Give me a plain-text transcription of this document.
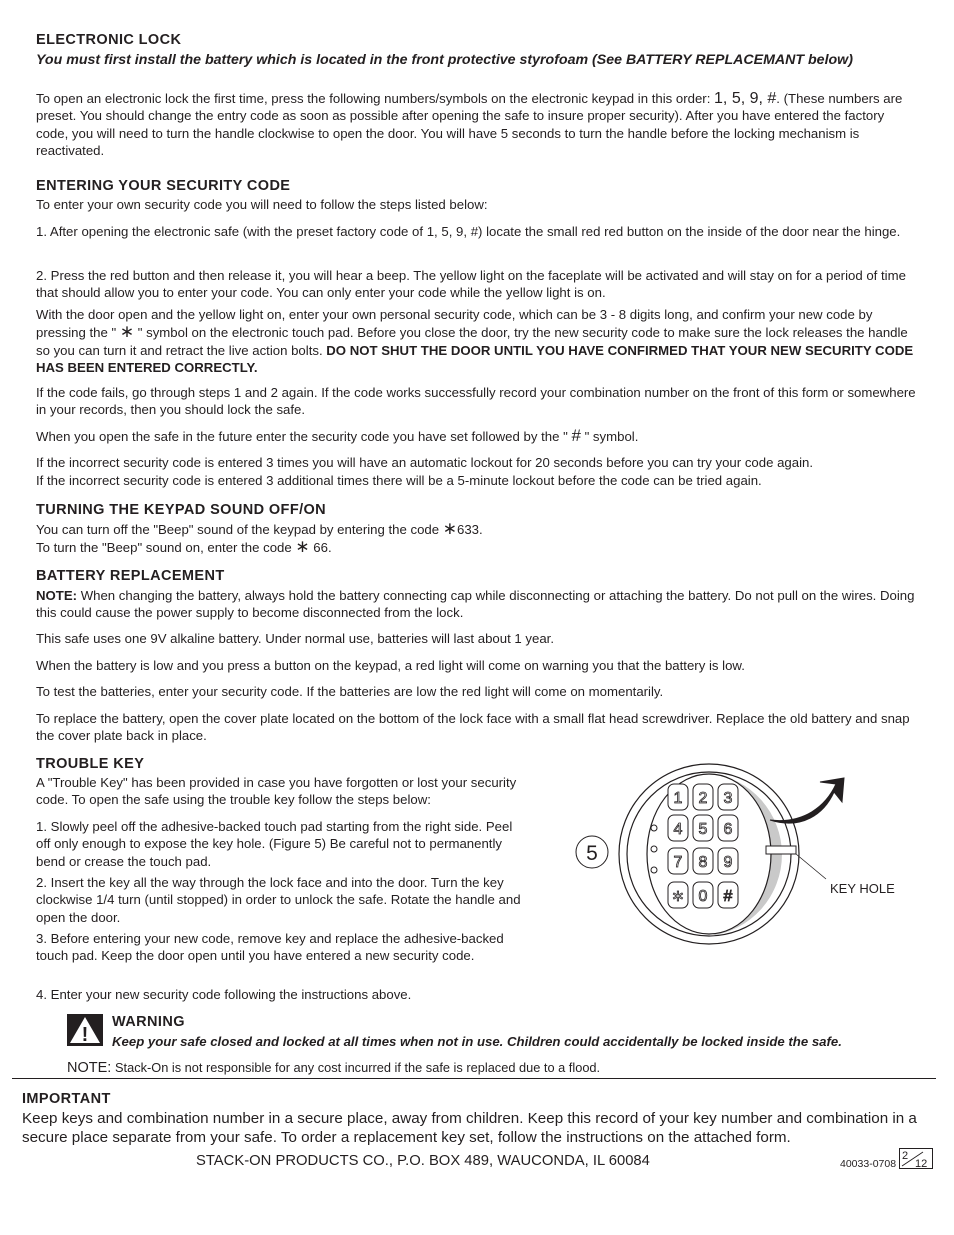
ELECTRONIC LOCK

You must first install the battery which is located in the front protective styrofoam (See BATTERY REPLACEMANT below)

To open an electronic lock the first time, press the following numbers/symbols on the electronic keypad in this order: 1, 5, 9, #. (These numbers are preset. You should change the entry code as soon as possible after opening the safe to insure proper security). After you have entered the factory code, you will need to turn the handle clockwise to open the door. You will have 5 seconds to turn the handle before the locking mechanism is reactivated.

ENTERING YOUR SECURITY CODE

To enter your own security code you will need to follow the steps listed below:

1. After opening the electronic safe (with the preset factory code of 1, 5, 9, #) locate the small red red button on the inside of the door near the hinge.

2. Press the red button and then release it, you will hear a beep. The yellow light on the faceplate will be activated and will stay on for a period of time that should allow you to enter your code. You can only enter your code while the yellow light is on.

With the door open and the yellow light on, enter your own personal security code, which can be 3 - 8 digits long, and confirm your new code by pressing the " ∗ " symbol on the electronic touch pad. Before you close the door, try the new security code to make sure the lock releases the handle so you can turn it and retract the live action bolts. DO NOT SHUT THE DOOR UNTIL YOU HAVE CONFIRMED THAT YOUR NEW SECURITY CODE HAS BEEN ENTERED CORRECTLY.

If the code fails, go through steps 1 and 2 again. If the code works successfully record your combination number on the front of this form or somewhere in your records, then you should lock the safe.

When you open the safe in the future enter the security code you have set followed by the " # " symbol.

If the incorrect security code is entered 3 times you will have an automatic lockout for 20 seconds before you can try your code again.

If the incorrect security code is entered 3 additional times there will be a 5-minute lockout before the code can be tried again.

TURNING THE KEYPAD SOUND OFF/ON

You can turn off the "Beep" sound of the keypad by entering the code ∗633.

To turn the "Beep" sound on, enter the code ∗ 66.

BATTERY REPLACEMENT

NOTE: When changing the battery, always hold the battery connecting cap while disconnecting or attaching the battery. Do not pull on the wires. Doing this could cause the power supply to become disconnected from the lock.

This safe uses one 9V alkaline battery. Under normal use, batteries will last about 1 year.

When the battery is low and you press a button on the keypad, a red light will come on warning you that the battery is low.

To test the batteries, enter your security code. If the batteries are low the red light will come on momentarily.

To replace the battery, open the cover plate located on the bottom of the lock face with a small flat head screwdriver. Replace the old battery and snap the cover plate back in place.

TROUBLE KEY

A "Trouble Key" has been provided in case you have forgotten or lost your security code. To open the safe using the trouble key follow the steps below:

1. Slowly peel off the adhesive-backed touch pad starting from the right side. Peel off only enough to expose the key hole. (Figure 5) Be careful not to permanently bend or crease the touch pad.

2. Insert the key all the way through the lock face and into the door. Turn the key clockwise 1/4 turn (until stopped) in order to unlock the safe. Rotate the handle and open the door.

3. Before entering your new code, remove key and replace the adhesive-backed touch pad. Keep the door open until you have entered a new security code.

4. Enter your new security code following the instructions above.

5
1 2 3
4 5 6
7 8 9
∗ 0 #	KEY HOLE
!
WARNING

Keep your safe closed and locked at all times when not in use. Children could accidentally be locked inside the safe.

NOTE: Stack-On is not responsible for any cost incurred if the safe is replaced due to a flood.
IMPORTANT

Keep keys and combination number in a secure place, away from children. Keep this record of your key number and combination in a secure place separate from your safe. To order a replacement key set, follow the instructions on the attached form.

STACK-ON PRODUCTS CO., P.O. BOX 489, WAUCONDA, IL 60084	40033-0708
2
12
